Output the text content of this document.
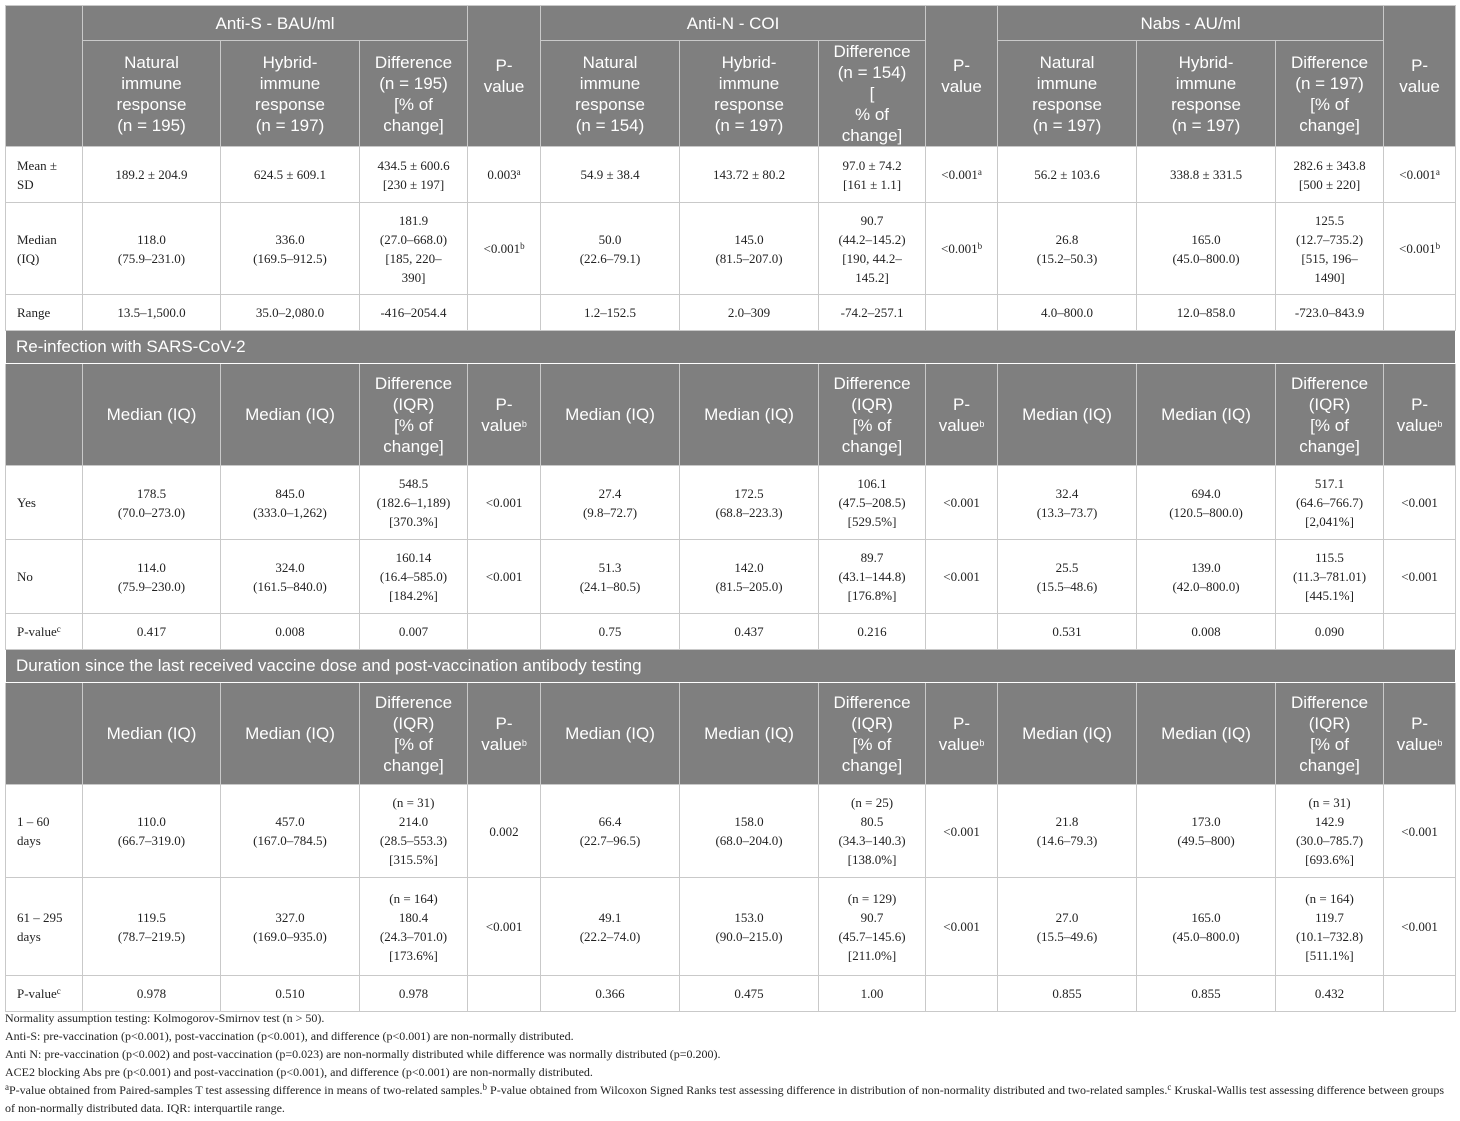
	Anti-S - BAU/ml			P-
value	Anti-N - COI			P-
value	Nabs - AU/ml			P-
value

	Natural
immune
response
(n = 195)	Hybrid-
immune
response
(n = 197)	Difference
(n = 195)
[% of
change]		Natural
immune
response
(n = 154)	Hybrid-
immune
response
(n = 197)	Difference
(n = 154)
[
% of
change]		Natural
immune
response
(n = 197)	Hybrid-
immune
response
(n = 197)	Difference
(n = 197)
[% of
change]	

Mean ±
SD	189.2 ± 204.9	624.5 ± 609.1	434.5 ± 600.6
[230 ± 197]	0.003$^a$	54.9 ± 38.4	143.72 ± 80.2	97.0 ± 74.2
[161 ± 1.1]	<0.001$^a$	56.2 ± 103.6	338.8 ± 331.5	282.6 ± 343.8
[500 ± 220]	<0.001$^a$

Median
(IQ)	118.0
(75.9–231.0)	336.0
(169.5–912.5)	181.9
(27.0–668.0)
[185, 220–
390]	<0.001$^b$	50.0
(22.6–79.1)	145.0
(81.5–207.0)	90.7
(44.2–145.2)
[190, 44.2–
145.2]	<0.001$^b$	26.8
(15.2–50.3)	165.0
(45.0–800.0)	125.5
(12.7–735.2)
[515, 196–
1490]	<0.001$^b$

Range	13.5–1,500.0	35.0–2,080.0	-416–2054.4		1.2–152.5	2.0–309	-74.2–257.1		4.0–800.0	12.0–858.0	-723.0–843.9	

Re-infection with SARS-CoV-2												
	Median (IQ)	Median (IQ)	Difference
(IQR)
[% of
change]	P-
value$^b$	Median (IQ)	Median (IQ)	Difference
(IQR)
[% of
change]	P-
value$^b$	Median (IQ)	Median (IQ)	Difference
(IQR)
[% of
change]	P-
value$^b$

Yes	178.5
(70.0–273.0)	845.0
(333.0–1,262)	548.5
(182.6–1,189)
[370.3%]	<0.001	27.4
(9.8–72.7)	172.5
(68.8–223.3)	106.1
(47.5–208.5)
[529.5%]	<0.001	32.4
(13.3–73.7)	694.0
(120.5–800.0)	517.1
(64.6–766.7)
[2,041%]	<0.001

No	114.0
(75.9–230.0)	324.0
(161.5–840.0)	160.14
(16.4–585.0)
[184.2%]	<0.001	51.3
(24.1–80.5)	142.0
(81.5–205.0)	89.7
(43.1–144.8)
[176.8%]	<0.001	25.5
(15.5–48.6)	139.0
(42.0–800.0)	115.5
(11.3–781.01)
[445.1%]	<0.001

P-value$^c$	0.417	0.008	0.007		0.75	0.437	0.216		0.531	0.008	0.090	

Duration since the last received vaccine dose and post-vaccination antibody testing												
	Median (IQ)	Median (IQ)	Difference
(IQR)
[% of
change]	P-
value$^b$	Median (IQ)	Median (IQ)	Difference
(IQR)
[% of
change]	P-
value$^b$	Median (IQ)	Median (IQ)	Difference
(IQR)
[% of
change]	P-
value$^b$

1 – 60
days	110.0
(66.7–319.0)	457.0
(167.0–784.5)	(n = 31)
214.0
(28.5–553.3)
[315.5%]	0.002	66.4
(22.7–96.5)	158.0
(68.0–204.0)	(n = 25)
80.5
(34.3–140.3)
[138.0%]	<0.001	21.8
(14.6–79.3)	173.0
(49.5–800)	(n = 31)
142.9
(30.0–785.7)
[693.6%]	<0.001

61 – 295
days	119.5
(78.7–219.5)	327.0
(169.0–935.0)	(n = 164)
180.4
(24.3–701.0)
[173.6%]	<0.001	49.1
(22.2–74.0)	153.0
(90.0–215.0)	(n = 129)
90.7
(45.7–145.6)
[211.0%]	<0.001	27.0
(15.5–49.6)	165.0
(45.0–800.0)	(n = 164)
119.7
(10.1–732.8)
[511.1%]	<0.001

P-value$^c$	0.978	0.510	0.978		0.366	0.475	1.00		0.855	0.855	0.432	

Normality assumption testing: Kolmogorov-Smirnov test (n > 50).
Anti-S: pre-vaccination (p<0.001), post-vaccination (p<0.001), and difference (p<0.001) are non-normally distributed.
Anti N: pre-vaccination (p<0.002) and post-vaccination (p=0.023) are non-normally distributed while difference was normally distributed (p=0.200).
ACE2 blocking Abs pre (p<0.001) and post-vaccination (p<0.001), and difference (p<0.001) are non-normally distributed.
$^a$P-value obtained from Paired-samples T test assessing difference in means of two-related samples.$^b$ P-value obtained from Wilcoxon Signed Ranks test assessing difference in distribution of non-normality distributed and two-related samples.$^c$ Kruskal-Wallis test assessing difference between groups of non-normally distributed data. IQR: interquartile range.
